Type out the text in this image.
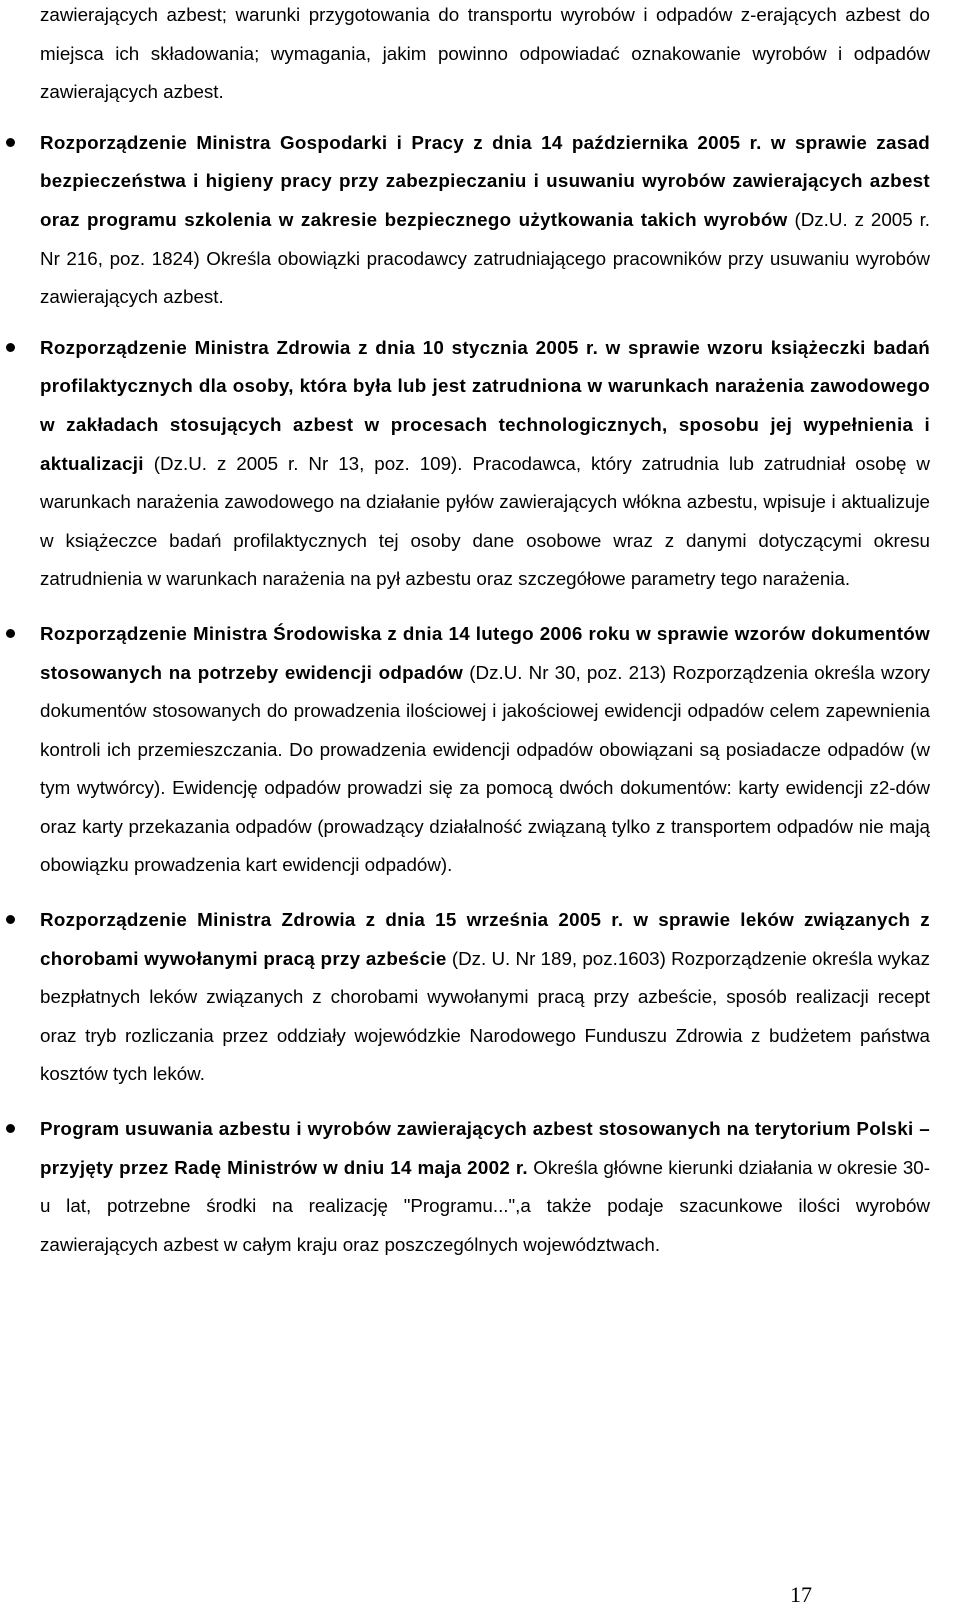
zawierających azbest; warunki przygotowania do transportu wyrobów i odpadów z-erających azbest do miejsca ich składowania; wymagania, jakim powinno odpowiadać oznakowanie wyrobów i odpadów zawierających azbest.

Rozporządzenie Ministra Gospodarki i Pracy z dnia 14 października 2005 r. w sprawie zasad bezpieczeństwa i higieny pracy przy zabezpieczaniu i usuwaniu wyrobów zawierających azbest oraz programu szkolenia w zakresie bezpiecznego użytkowania takich wyrobów (Dz.U. z 2005 r. Nr 216, poz. 1824) Określa obowiązki pracodawcy zatrudniającego pracowników przy usuwaniu wyrobów zawierających azbest.

Rozporządzenie Ministra Zdrowia z dnia 10 stycznia 2005 r. w sprawie wzoru książeczki badań profilaktycznych dla osoby, która była lub jest zatrudniona w warunkach narażenia zawodowego w zakładach stosujących azbest w procesach technologicznych, sposobu jej wypełnienia i aktualizacji (Dz.U. z 2005 r. Nr 13, poz. 109). Pracodawca, który zatrudnia lub zatrudniał osobę w warunkach narażenia zawodowego na działanie pyłów zawierających włókna azbestu, wpisuje i aktualizuje w książeczce badań profilaktycznych tej osoby dane osobowe wraz z danymi dotyczącymi okresu zatrudnienia w warunkach narażenia na pył azbestu oraz szczegółowe parametry tego narażenia.

Rozporządzenie Ministra Środowiska z dnia 14 lutego 2006 roku w sprawie wzorów dokumentów stosowanych na potrzeby ewidencji odpadów (Dz.U. Nr 30, poz. 213) Rozporządzenia określa wzory dokumentów stosowanych do prowadzenia ilościowej i jakościowej ewidencji odpadów celem zapewnienia kontroli ich przemieszczania. Do prowadzenia ewidencji odpadów obowiązani są posiadacze odpadów (w tym wytwórcy). Ewidencję odpadów prowadzi się za pomocą dwóch dokumentów: karty ewidencji z2-dów oraz karty przekazania odpadów (prowadzący działalność związaną tylko z transportem odpadów nie mają obowiązku prowadzenia kart ewidencji odpadów).

Rozporządzenie Ministra Zdrowia z dnia 15 września 2005 r. w sprawie leków związanych z chorobami wywołanymi pracą przy azbeście (Dz. U. Nr 189, poz.1603) Rozporządzenie określa wykaz bezpłatnych leków związanych z chorobami wywołanymi pracą przy azbeście, sposób realizacji recept oraz tryb rozliczania przez oddziały wojewódzkie Narodowego Funduszu Zdrowia z budżetem państwa kosztów tych leków.

Program usuwania azbestu i wyrobów zawierających azbest stosowanych na terytorium Polski – przyjęty przez Radę Ministrów w dniu 14 maja 2002 r. Określa główne kierunki działania w okresie 30-u lat, potrzebne środki na realizację "Programu...",a także podaje szacunkowe ilości wyrobów zawierających azbest w całym kraju oraz poszczególnych województwach.

17
